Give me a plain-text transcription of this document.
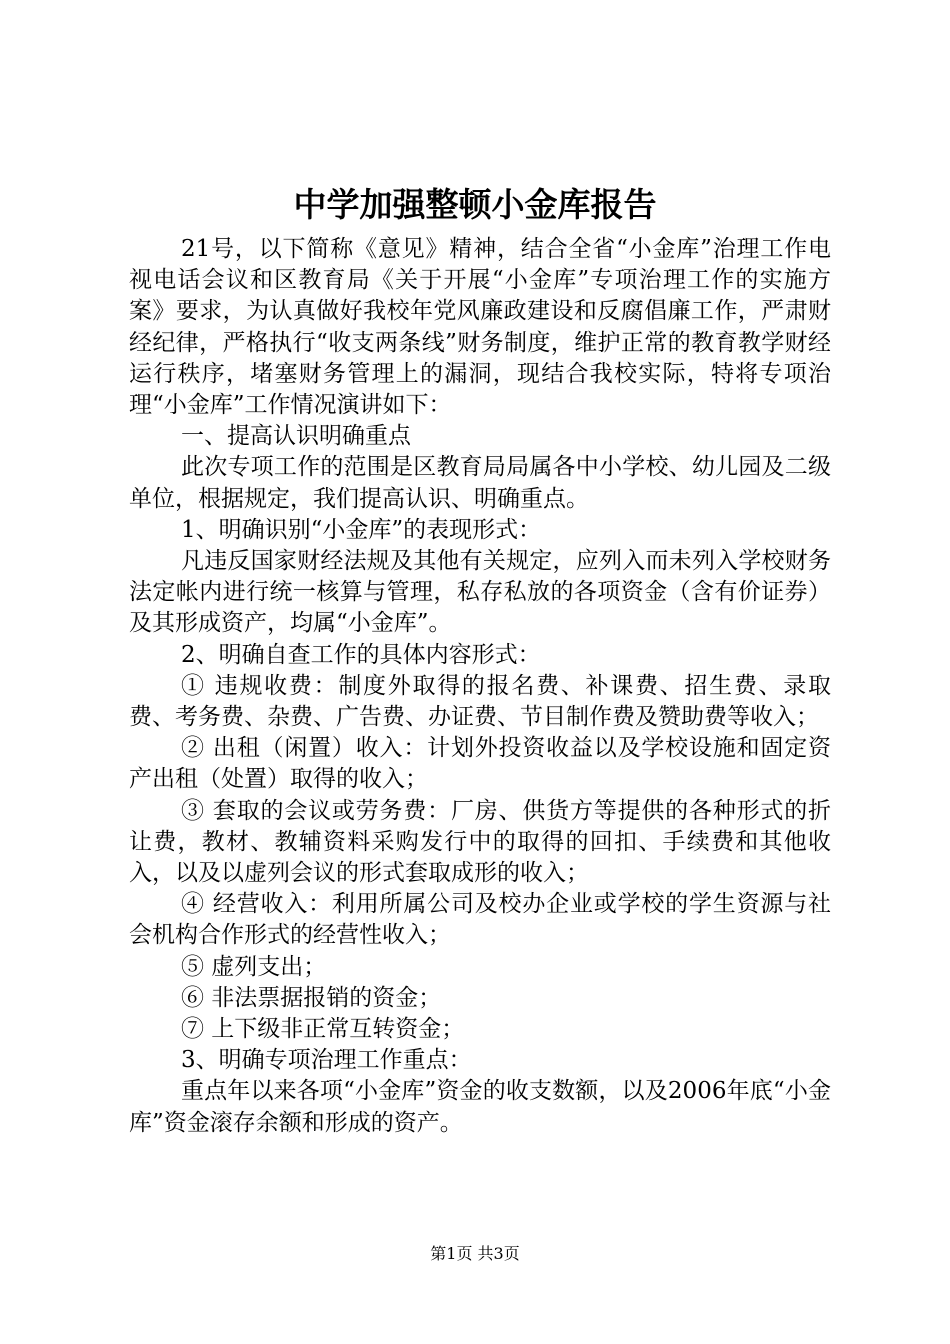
中学加强整顿小金库报告

21号，以下简称《意见》精神，结合全省“小金库”治理工作电视电话会议和区教育局《关于开展“小金库”专项治理工作的实施方案》要求，为认真做好我校年党风廉政建设和反腐倡廉工作，严肃财经纪律，严格执行“收支两条线”财务制度，维护正常的教育教学财经运行秩序，堵塞财务管理上的漏洞，现结合我校实际，特将专项治理“小金库”工作情况演讲如下：

一、提高认识明确重点

此次专项工作的范围是区教育局局属各中小学校、幼儿园及二级单位，根据规定，我们提高认识、明确重点。

1、明确识别“小金库”的表现形式：

凡违反国家财经法规及其他有关规定，应列入而未列入学校财务法定帐内进行统一核算与管理，私存私放的各项资金（含有价证券）及其形成资产，均属“小金库”。

2、明确自查工作的具体内容形式：

① 违规收费：制度外取得的报名费、补课费、招生费、录取费、考务费、杂费、广告费、办证费、节目制作费及赞助费等收入；

② 出租（闲置）收入：计划外投资收益以及学校设施和固定资产出租（处置）取得的收入；

③ 套取的会议或劳务费：厂房、供货方等提供的各种形式的折让费，教材、教辅资料采购发行中的取得的回扣、手续费和其他收入，以及以虚列会议的形式套取成形的收入；

④ 经营收入：利用所属公司及校办企业或学校的学生资源与社会机构合作形式的经营性收入；

⑤ 虚列支出；

⑥ 非法票据报销的资金；

⑦ 上下级非正常互转资金；

3、明确专项治理工作重点：

重点年以来各项“小金库”资金的收支数额，以及2006年底“小金库”资金滚存余额和形成的资产。

第1页 共3页
